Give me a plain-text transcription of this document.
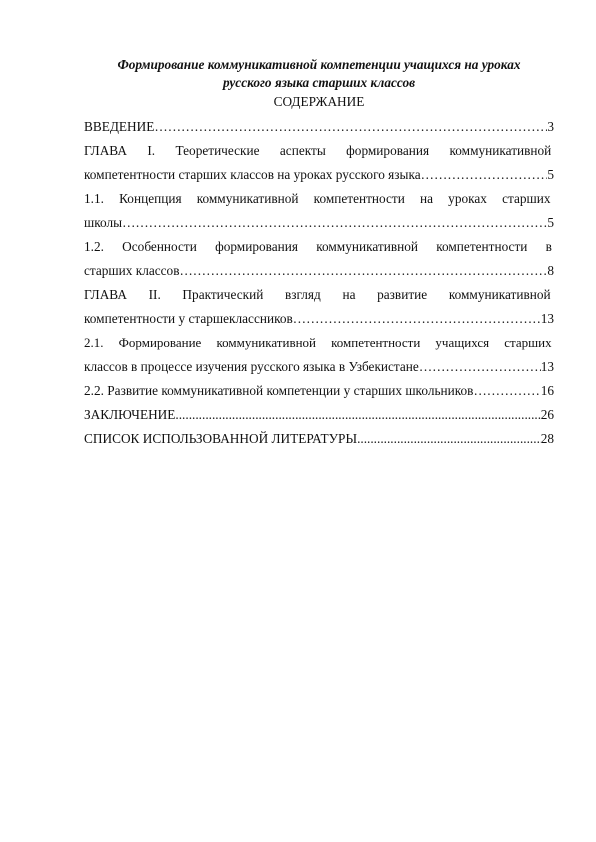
Формирование коммуникативной компетенции учащихся на уроках
русского языка старших классов
СОДЕРЖАНИЕ
ВВЕДЕНИЕ ………………………………………………………………………………………………………………………………………………………………………………	3
ГЛАВА I. Теоретические аспекты формирования коммуникативной
компетентности старших классов на уроках русского языка ………………………………………………………………………………………………………………………………………………………………………………	5
1.1. Концепция коммуникативной компетентности на уроках старших
школы ………………………………………………………………………………………………………………………………………………………………………………	5
1.2. Особенности формирования коммуникативной компетентности в
старших классов ………………………………………………………………………………………………………………………………………………………………………………	8
ГЛАВА II. Практический взгляд на развитие коммуникативной
компетентности у старшеклассников ………………………………………………………………………………………………………………………………………………………………………………	13
2.1. Формирование коммуникативной компетентности учащихся старших
классов в процессе изучения русского языка в Узбекистане ………………………………………………………………………………………………………………………………………………………………………………	13
2.2. Развитие коммуникативной компетенции у старших школьников ………………………………………………………………………………………………………………………………………………………………………………	16
ЗАКЛЮЧЕНИЕ .....	26
СПИСОК ИСПОЛЬЗОВАННОЙ ЛИТЕРАТУРЫ .....	28
